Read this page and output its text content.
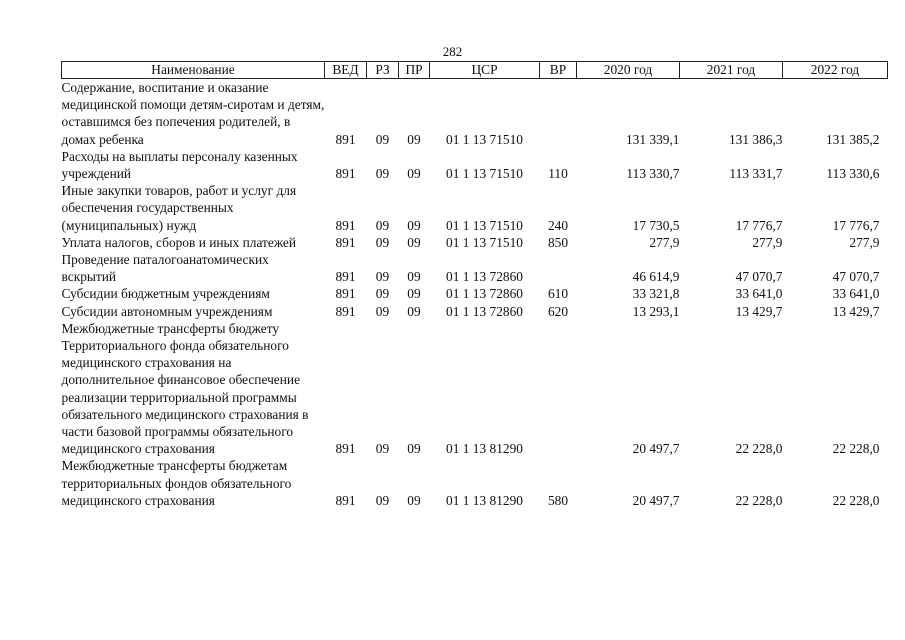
282
Наименование	ВЕД	РЗ	ПР	ЦСР	ВР	2020 год	2021 год	2022 год
Содержание, воспитание и оказание медицинской помощи детям-сиротам и детям, оставшимся без попечения родителей, в домах ребенка	891	09	09	01 1 13 71510		131 339,1	131 386,3	131 385,2
Расходы на выплаты персоналу казенных учреждений	891	09	09	01 1 13 71510	110	113 330,7	113 331,7	113 330,6
Иные закупки товаров, работ и услуг для обеспечения государственных (муниципальных) нужд	891	09	09	01 1 13 71510	240	17 730,5	17 776,7	17 776,7
Уплата налогов, сборов и иных платежей	891	09	09	01 1 13 71510	850	277,9	277,9	277,9
Проведение паталогоанатомических вскрытий	891	09	09	01 1 13 72860		46 614,9	47 070,7	47 070,7
Субсидии бюджетным учреждениям	891	09	09	01 1 13 72860	610	33 321,8	33 641,0	33 641,0
Субсидии автономным учреждениям	891	09	09	01 1 13 72860	620	13 293,1	13 429,7	13 429,7
Межбюджетные трансферты бюджету Территориального фонда обязательного медицинского страхования на дополнительное финансовое обеспечение реализации территориальной программы обязательного медицинского страхования в части базовой программы обязательного медицинского страхования	891	09	09	01 1 13 81290		20 497,7	22 228,0	22 228,0
Межбюджетные трансферты бюджетам территориальных фондов обязательного медицинского страхования	891	09	09	01 1 13 81290	580	20 497,7	22 228,0	22 228,0
